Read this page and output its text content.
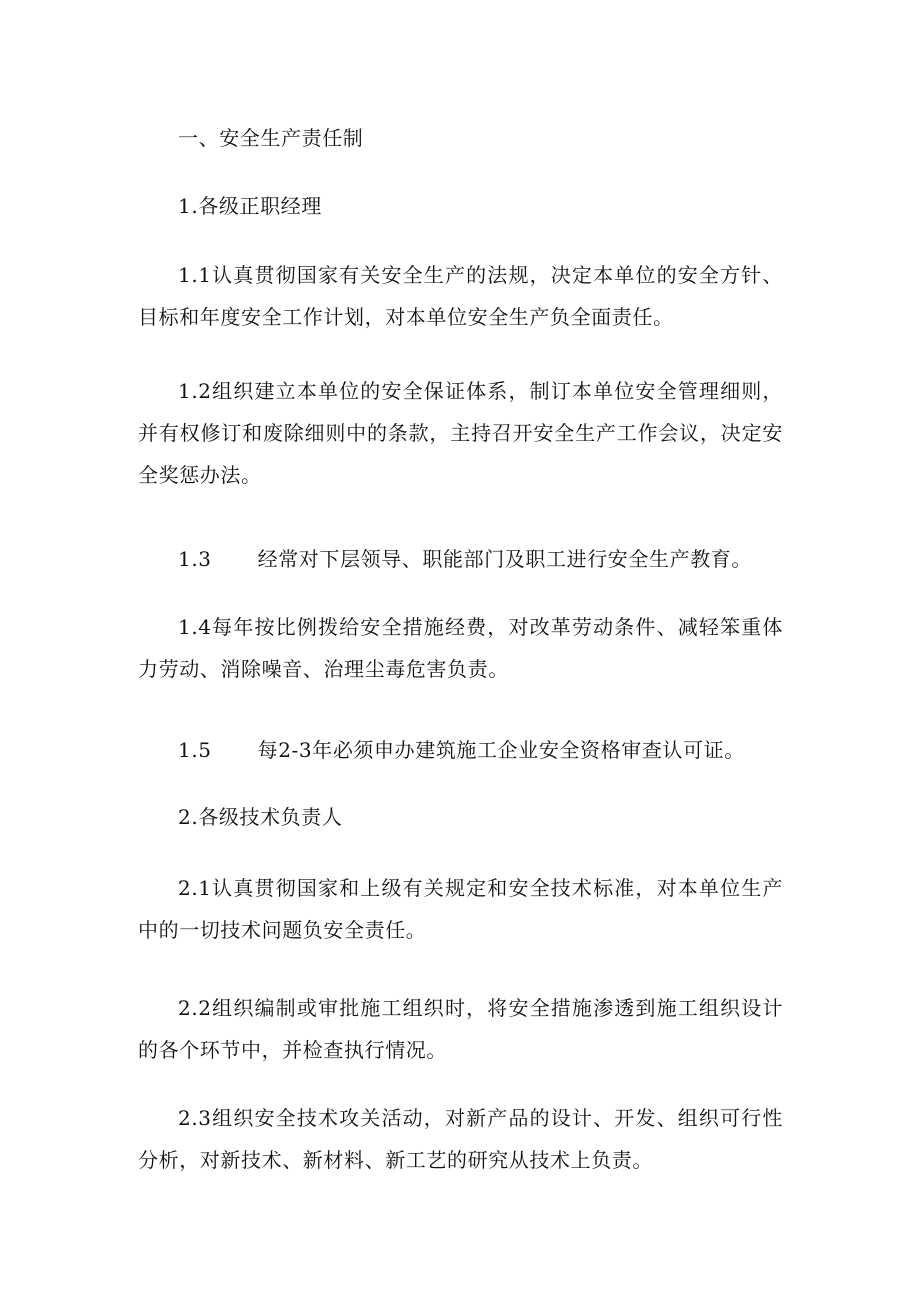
一、安全生产责任制

1.各级正职经理

1.1认真贯彻国家有关安全生产的法规，决定本单位的安全方针、目标和年度安全工作计划，对本单位安全生产负全面责任。

1.2组织建立本单位的安全保证体系，制订本单位安全管理细则，并有权修订和废除细则中的条款，主持召开安全生产工作会议，决定安全奖惩办法。

1.3 经常对下层领导、职能部门及职工进行安全生产教育。

1.4每年按比例拨给安全措施经费，对改革劳动条件、减轻笨重体力劳动、消除噪音、治理尘毒危害负责。

1.5 每2-3年必须申办建筑施工企业安全资格审查认可证。

2.各级技术负责人

2.1认真贯彻国家和上级有关规定和安全技术标准，对本单位生产中的一切技术问题负安全责任。

2.2组织编制或审批施工组织时，将安全措施渗透到施工组织设计的各个环节中，并检查执行情况。

2.3组织安全技术攻关活动，对新产品的设计、开发、组织可行性分析，对新技术、新材料、新工艺的研究从技术上负责。
